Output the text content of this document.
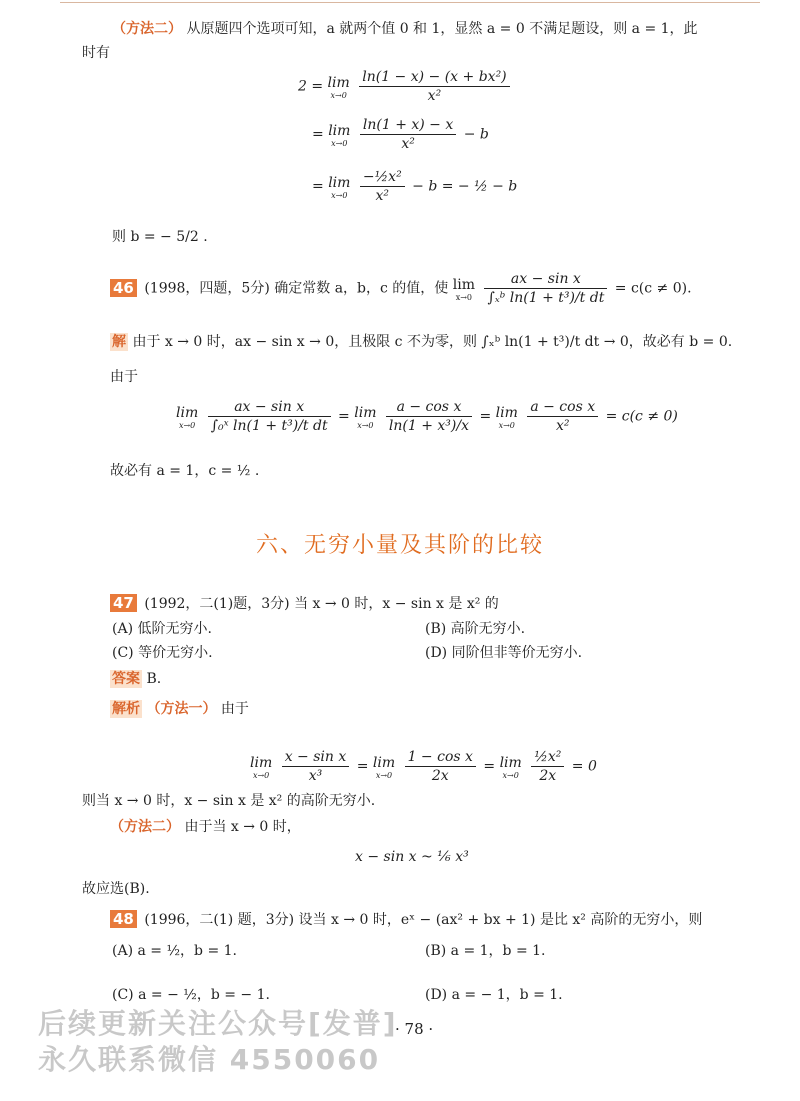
（方法二） 从原题四个选项可知，a 就两个值 0 和 1，显然 a = 0 不满足题设，则 a = 1，此
时有
2 = lim
x→0
$\frac{\text{ln(1 − x) − (x + bx²)}}{\text{x²}}$
= lim
x→0
$\frac{\ln(1 + x) - x}{\text{x²}} - b$
= lim
x→0
$\frac{\text{−½x²}}{\text{x²}} - b$ = − ½ − b
则 b = − 5/2 .
46 (1998，四题，5分) 确定常数 a，b，c 的值，使 lim
x→0
$\frac{\text{ax − sin x}}{\text{∫ₓᵇ ln(1 + t³)/t dt}} = c(c \ne 0)$.
解 由于 x → 0 时，ax − sin x → 0，且极限 c 不为零，则 ∫ₓᵇ ln(1 + t³)/t dt → 0，故必有 b = 0.
由于
lim
x→0
$\frac{\text{ax − sin x}}{\text{∫₀ˣ ln(1 + t³)/t dt}} = \lim$
x→0
$\frac{\text{a − cos x}}{\text{ln(1 + x³)/x}} = \lim$
x→0
$\frac{\text{a − cos x}}{\text{x²}} = c(c \ne 0)$
故必有 a = 1，c = ½ .
六、无穷小量及其阶的比较
47 (1992，二(1)题，3分) 当 x → 0 时，x − sin x 是 x² 的
(A) 低阶无穷小.	(B) 高阶无穷小.
(C) 等价无穷小.	(D) 同阶但非等价无穷小.
答案 B.
解析 （方法一） 由于
lim
x→0
$\frac{\text{x − sin x}}{\text{x³}} = \lim$
x→0
$\frac{\text{1 − cos x}}{2x} = \lim$
x→0
$\frac{\text{½x²}}{2x} = 0$
则当 x → 0 时，x − sin x 是 x² 的高阶无穷小.
（方法二） 由于当 x → 0 时，
x − sin x ~ ⅙ x³
故应选(B).
48 (1996，二(1) 题，3分) 设当 x → 0 时，eˣ − (ax² + bx + 1) 是比 x² 高阶的无穷小，则
(A) a = ½，b = 1.	(B) a = 1，b = 1.
(C) a = − ½，b = − 1.	(D) a = − 1，b = 1.
· 78 ·
后续更新关注公众号[发普]
永久联系微信 4550060
